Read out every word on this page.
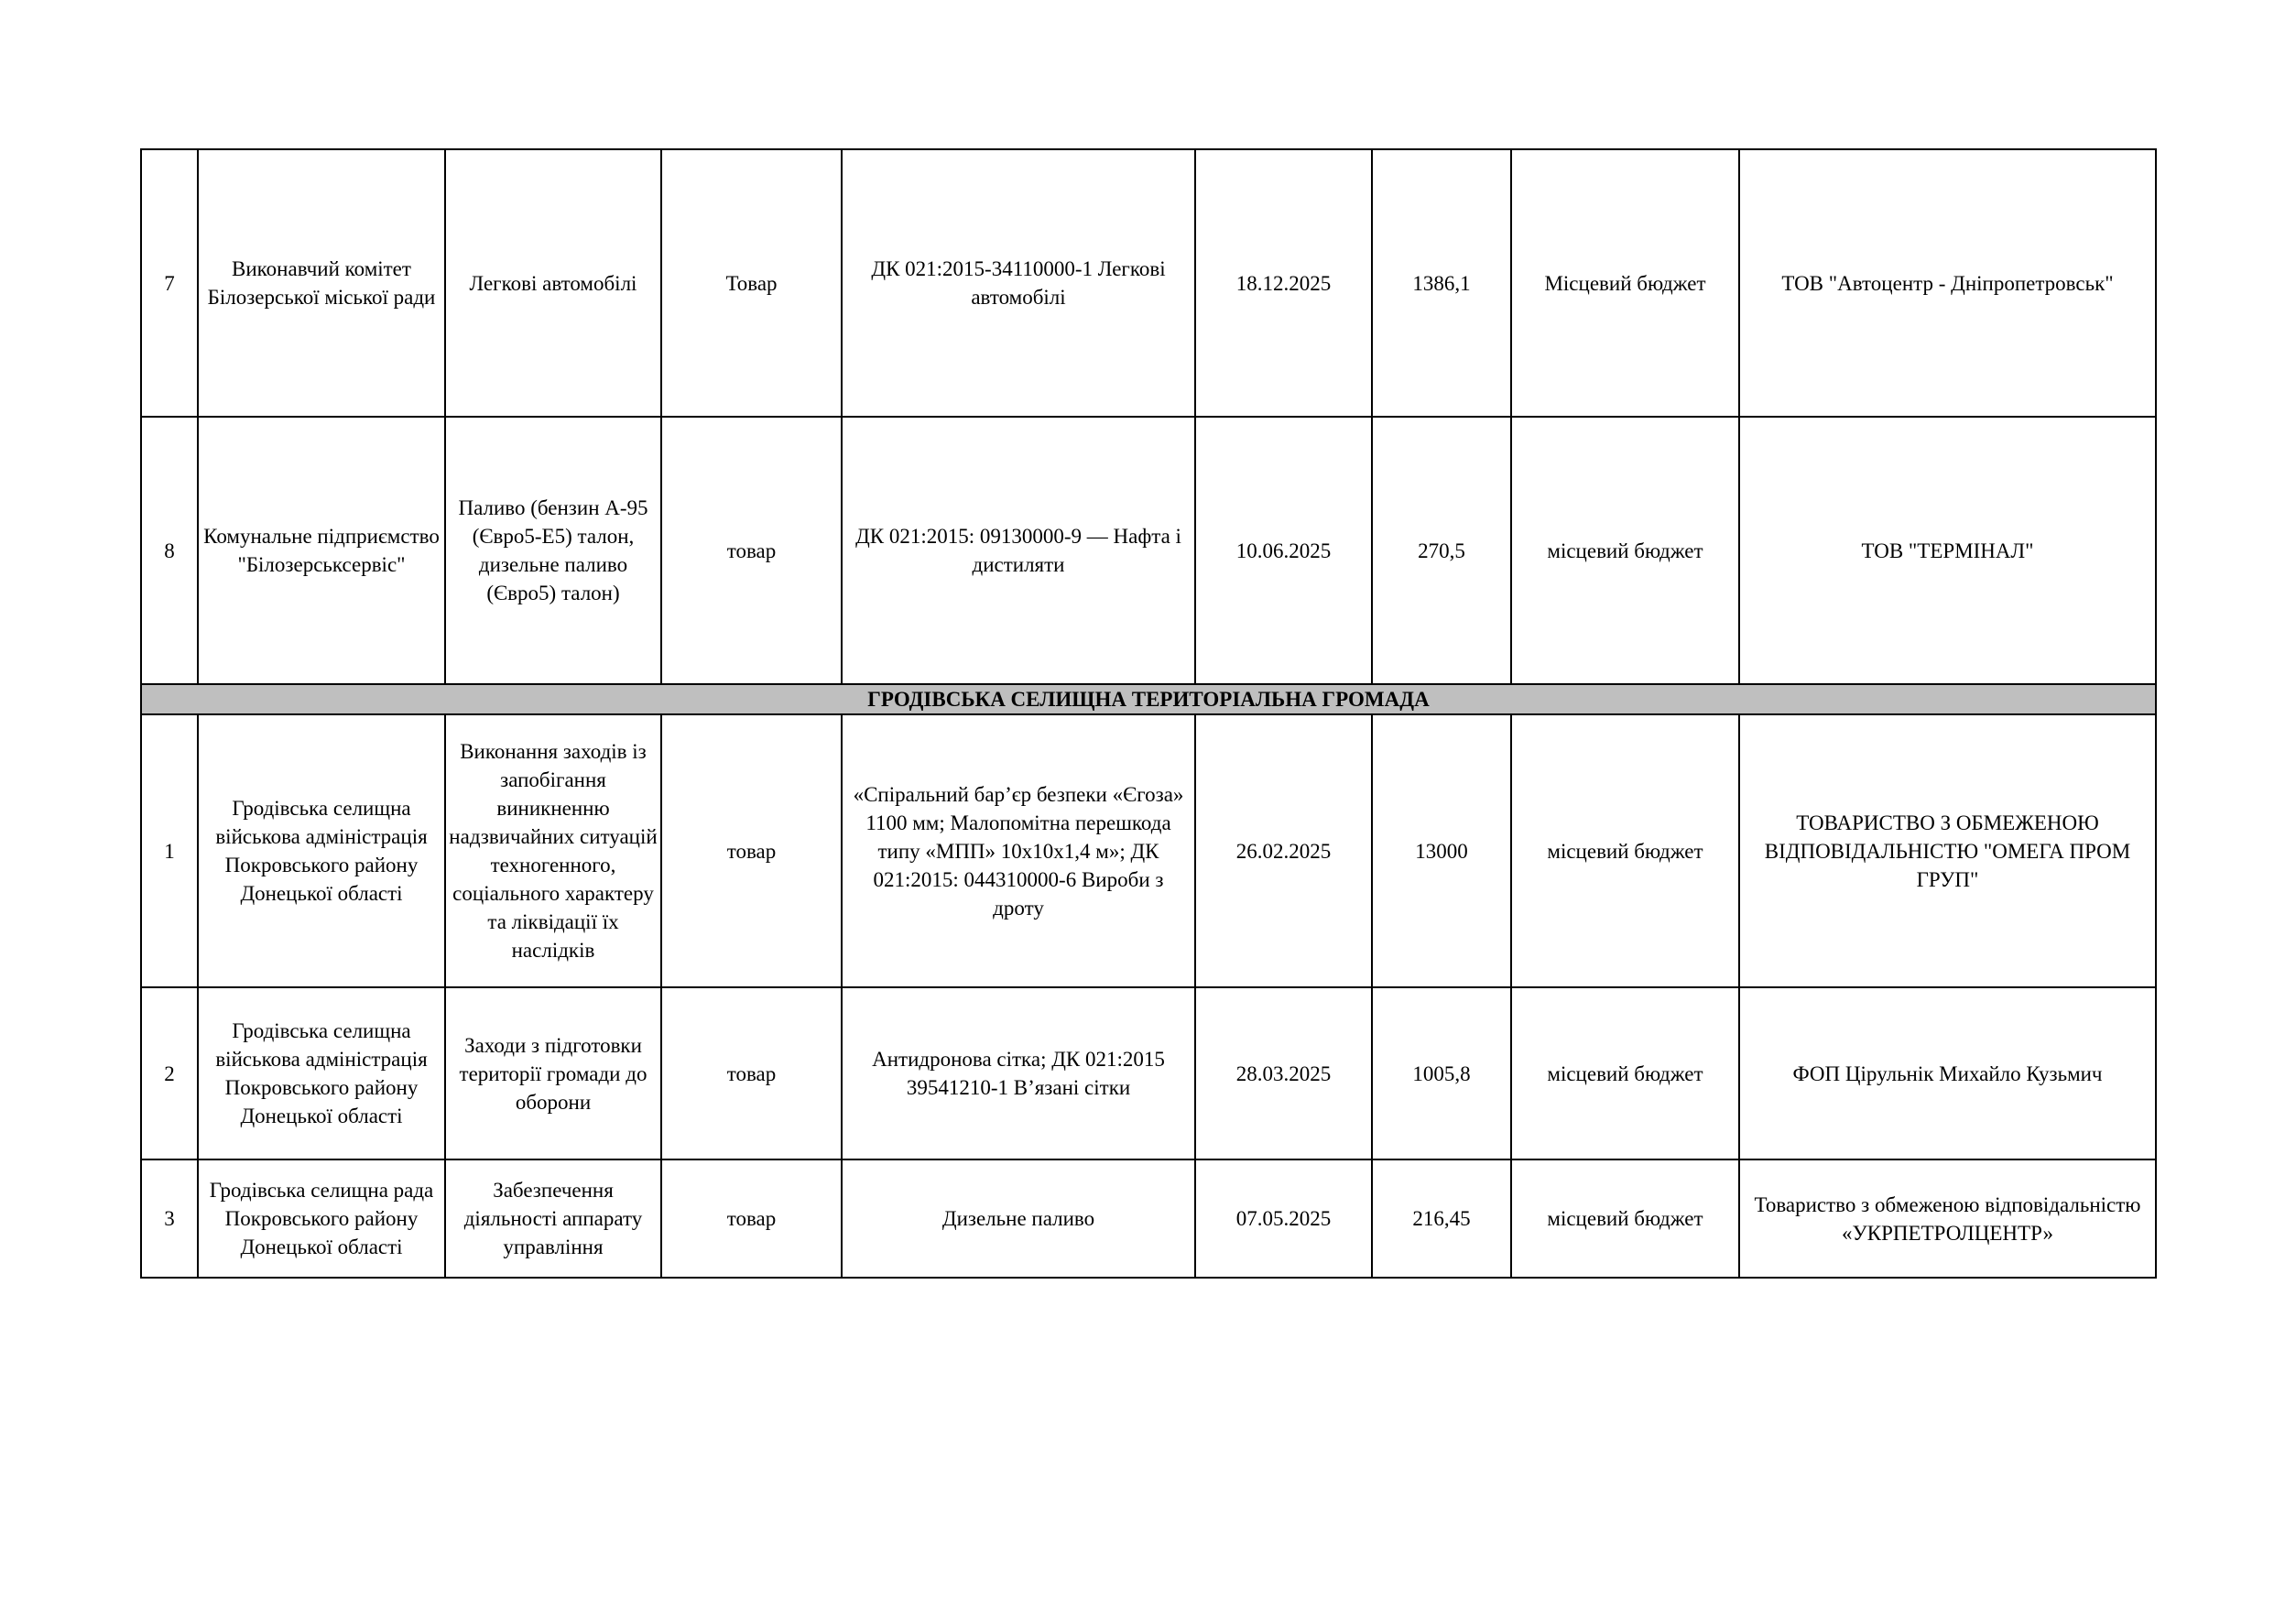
7	Виконавчий комітет Білозерської міської ради	Легкові автомобілі	Товар	ДК 021:2015-34110000-1 Легкові автомобілі	18.12.2025	1386,1	Місцевий бюджет	ТОВ "Автоцентр - Дніпропетровськ"
8	Комунальне підприємство "Білозерськсервіс"	Паливо (бензин А-95 (Євро5-Е5) талон, дизельне паливо (Євро5) талон)	товар	ДК 021:2015: 09130000-9 — Нафта і дистиляти	10.06.2025	270,5	місцевий бюджет	ТОВ "ТЕРМІНАЛ"
ГРОДІВСЬКА СЕЛИЩНА ТЕРИТОРІАЛЬНА ГРОМАДА								
1	Гродівська селищна військова адміністрація Покровського району Донецької області	Виконання заходів із запобігання виникненню надзвичайних ситуацій техногенного, соціального характеру та ліквідації їх наслідків	товар	«Спіральний бар’єр безпеки «Єгоза» 1100 мм; Малопомітна перешкода типу «МПП» 10х10х1,4 м»; ДК 021:2015: 044310000-6 Вироби з дроту	26.02.2025	13000	місцевий бюджет	ТОВАРИСТВО З ОБМЕЖЕНОЮ ВІДПОВІДАЛЬНІСТЮ "ОМЕГА ПРОМ ГРУП"
2	Гродівська селищна військова адміністрація Покровського району Донецької області	Заходи з підготовки території громади до оборони	товар	Антидронова сітка; ДК 021:2015 39541210-1 В’язані сітки	28.03.2025	1005,8	місцевий бюджет	ФОП Цірульнік Михайло Кузьмич
3	Гродівська селищна рада Покровського району Донецької області	Забезпечення діяльності аппарату управління	товар	Дизельне паливо	07.05.2025	216,45	місцевий бюджет	Товариство з обмеженою відповідальністю «УКРПЕТРОЛЦЕНТР»
